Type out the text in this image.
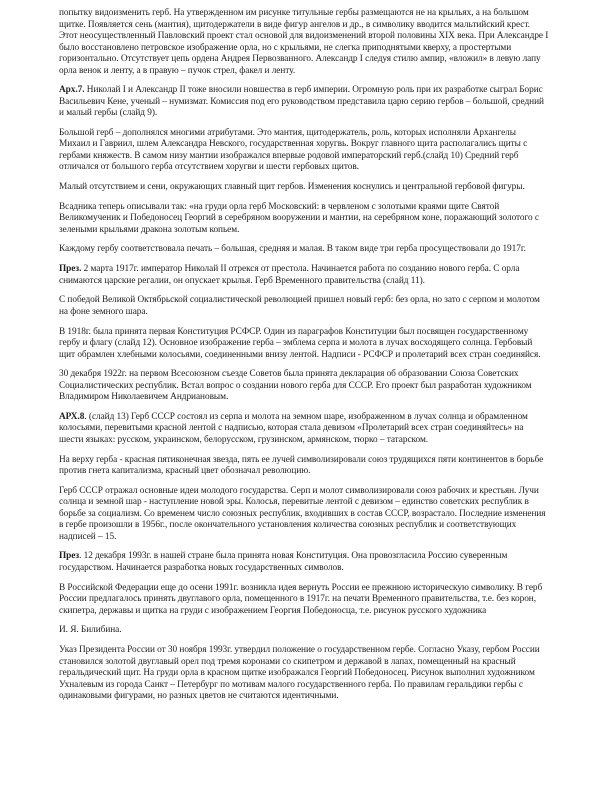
попытку видоизменить герб. На утвержденном им рисунке титульные гербы размещаются не на крыльях, а на большом щитке. Появляется сень (мантия), щитодержатели в виде фигур ангелов и др., в символику вводится мальтийский крест. Этот неосуществленный Павловский проект стал основой для видоизменений второй половины XIX века. При Александре I было восстановлено петровское изображение орла, но с крыльями, не слегка приподнятыми кверху, а простертыми горизонтально. Отсутствует цепь ордена Андрея Первозванного. Александр I следуя стилю ампир, «вложил» в левую лапу орла венок и ленту, а в правую – пучок стрел, факел и ленту.

Арх.7. Николай I и Александр II тоже вносили новшества в герб империи. Огромную роль при их разработке сыграл Борис Васильевич Кене, ученый – нумизмат. Комиссия под его руководством представила царю серию гербов – большой, средний и малый гербы (слайд 9).

Большой герб – дополнялся многими атрибутами. Это мантия, щитодержатель, роль, которых исполняли Архангелы Михаил и Гавриил, шлем Александра Невского, государственная хоругвь. Вокруг главного щита располагались щиты с гербами княжеств. В самом низу мантии изображался впервые родовой императорский герб.(слайд 10) Средний герб отличался от большого герба отсутствием хоругви и шести гербовых щитов.

Малый отсутствием и сени, окружающих главный щит гербов. Изменения коснулись и центральной гербовой фигуры.

Всадника теперь описывали так: «на груди орла герб Московский: в червленом с золотыми краями щите Святой Великомученик и Победоносец Георгий в серебряном вооружении и мантии, на серебряном коне, поражающий золотого с зелеными крыльями дракона золотым копьем.

Каждому гербу соответствовала печать – большая, средняя и малая. В таком виде три герба просуществовали до 1917г.

През. 2 марта 1917г. император Николай II отрекся от престола. Начинается работа по созданию нового герба. С орла снимаются царские регалии, он опускает крылья. Герб Временного правительства (слайд 11).

С победой Великой Октябрьской социалистической революцией пришел новый герб: без орла, но зато с серпом и молотом на фоне земного шара.

В 1918г. была принята первая Конституция РСФСР. Один из параграфов Конституции был посвящен государственному гербу и флагу (слайд 12). Основное изображение герба – эмблема серпа и молота в лучах восходящего солнца. Гербовый щит обрамлен хлебными колосьями, соединенными внизу лентой. Надписи - РСФСР и пролетарий всех стран соединяйся.

30 декабря 1922г. на первом Всесоюзном съезде Советов была принята декларация об образовании Союза Советских Социалистических республик. Встал вопрос о создании нового герба для СССР. Его проект был разработан художником Владимиром Николаевичем Андриановым.

АРХ.8. (слайд 13) Герб СССР состоял из серпа и молота на земном шаре, изображенном в лучах солнца и обрамленном колосьями, перевитыми красной лентой с надписью, которая стала девизом «Пролетарий всех стран соединяйтесь» на шести языках: русском, украинском, белорусском, грузинском, армянском, тюрко – татарском.

На верху герба - красная пятиконечная звезда, пять ее лучей символизировали союз трудящихся пяти континентов в борьбе против гнета капитализма, красный цвет обозначал революцию.

Герб СССР отражал основные идеи молодого государства. Серп и молот символизировали союз рабочих и крестьян. Лучи солнца и земной шар - наступление новой эры. Колосья, перевитые лентой с девизом – единство советских республик в борьбе за социализм. Со временем число союзных республик, входивших в состав СССР, возрастало. Последние изменения в гербе произошли в 1956г., после окончательного установления количества союзных республик и соответствующих надписей – 15.

През. 12 декабря 1993г. в нашей стране была принята новая Конституция. Она провозгласила Россию суверенным государством. Начинается разработка новых государственных символов.

В Российской Федерации еще до осени 1991г. возникла идея вернуть России ее прежнюю историческую символику. В герб России предлагалось принять двуглавого орла, помещенного в 1917г. на печати Временного правительства, т.е. без корон, скипетра, державы и щитка на груди с изображением Георгия Победоносца, т.е. рисунок русского художника

И. Я. Билибина.

Указ Президента России от 30 ноября 1993г. утвердил положение о государственном гербе. Согласно Указу, гербом России становился золотой двуглавый орел под тремя коронами со скипетром и державой в лапах, помещенный на красный геральдический щит. На груди орла в красном щитке изображался Георгий Победоносец. Рисунок выполнил художником Ухналевым из города Санкт – Петербург по мотивам малого государственного герба. По правилам геральдики гербы с одинаковыми фигурами, но разных цветов не считаются идентичными.
